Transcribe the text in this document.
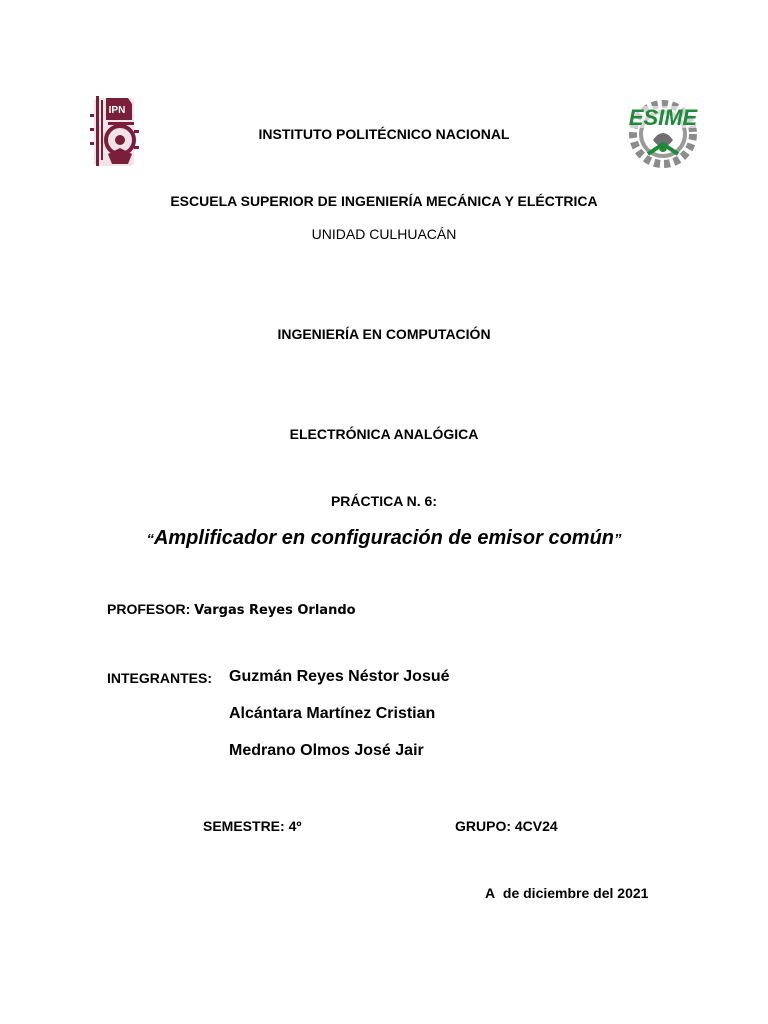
IPN	ESIME
INSTITUTO POLITÉCNICO NACIONAL
ESCUELA SUPERIOR DE INGENIERÍA MECÁNICA Y ELÉCTRICA
UNIDAD CULHUACÁN
INGENIERÍA EN COMPUTACIÓN
ELECTRÓNICA ANALÓGICA
PRÁCTICA N. 6:
“Amplificador en configuración de emisor común”
PROFESOR: Vargas Reyes Orlando
INTEGRANTES: Guzmán Reyes Néstor Josué
Alcántara Martínez Cristian
Medrano Olmos José Jair
SEMESTRE: 4º	GRUPO: 4CV24
A de diciembre del 2021
